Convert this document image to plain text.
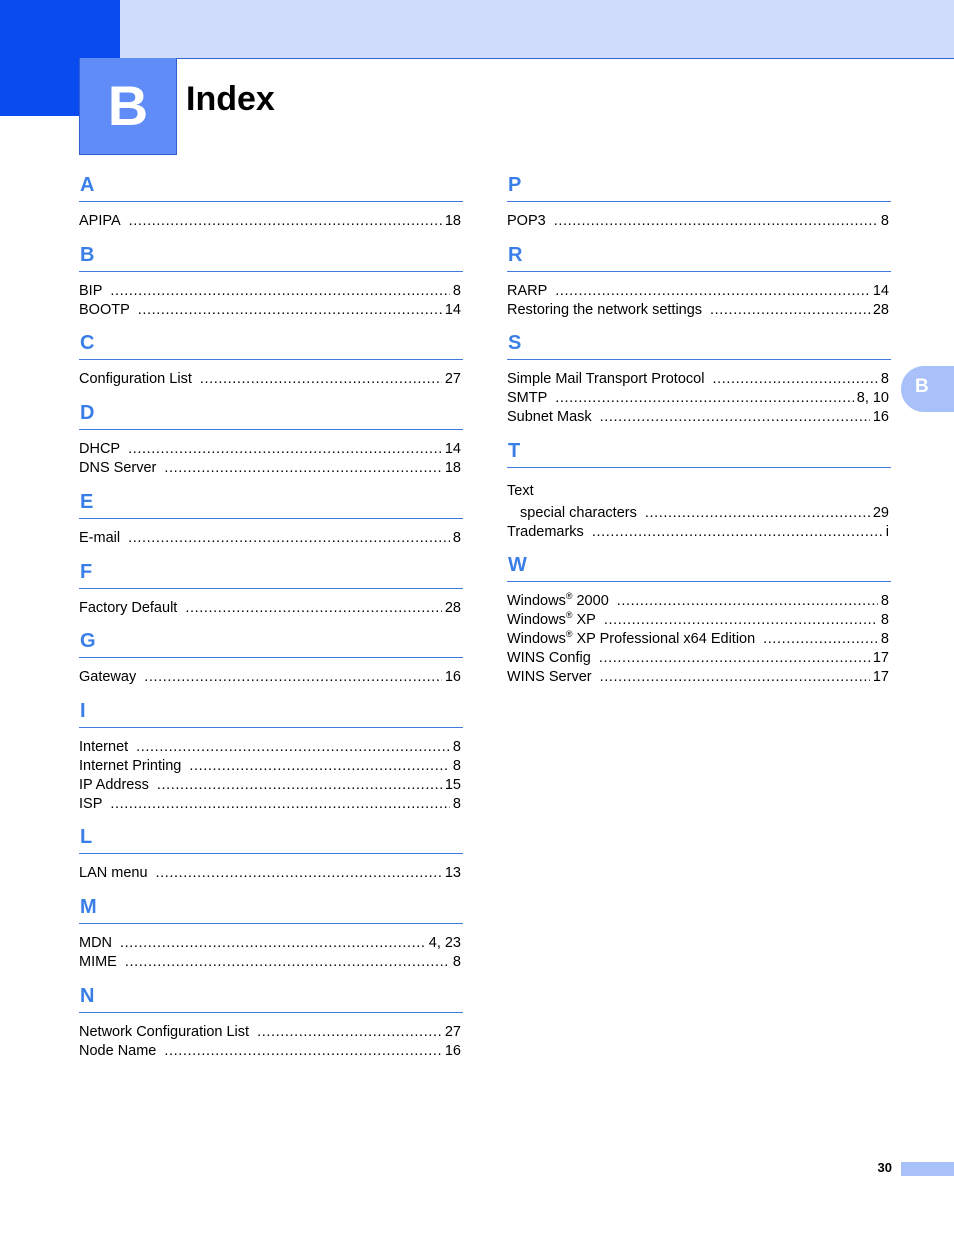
B Index
B
A
APIPA .....	18
B
BIP .....	8
BOOTP .....	14
C
Configuration List .....	27
D
DHCP .....	14
DNS Server .....	18
E
E-mail .....	8
F
Factory Default .....	28
G
Gateway .....	16
I
Internet .....	8
Internet Printing .....	8
IP Address .....	15
ISP .....	8
L
LAN menu .....	13
M
MDN .....	4, 23
MIME .....	8
N
Network Configuration List .....	27
Node Name .....	16
P
POP3 .....	8
R
RARP .....	14
Restoring the network settings .....	28
S
Simple Mail Transport Protocol .....	8
SMTP .....	8, 10
Subnet Mask .....	16
T
Text
special characters .....	29
Trademarks .....	i
W
Windows® 2000 .....	8
Windows® XP .....	8
Windows® XP Professional x64 Edition .....	8
WINS Config .....	17
WINS Server .....	17
30
